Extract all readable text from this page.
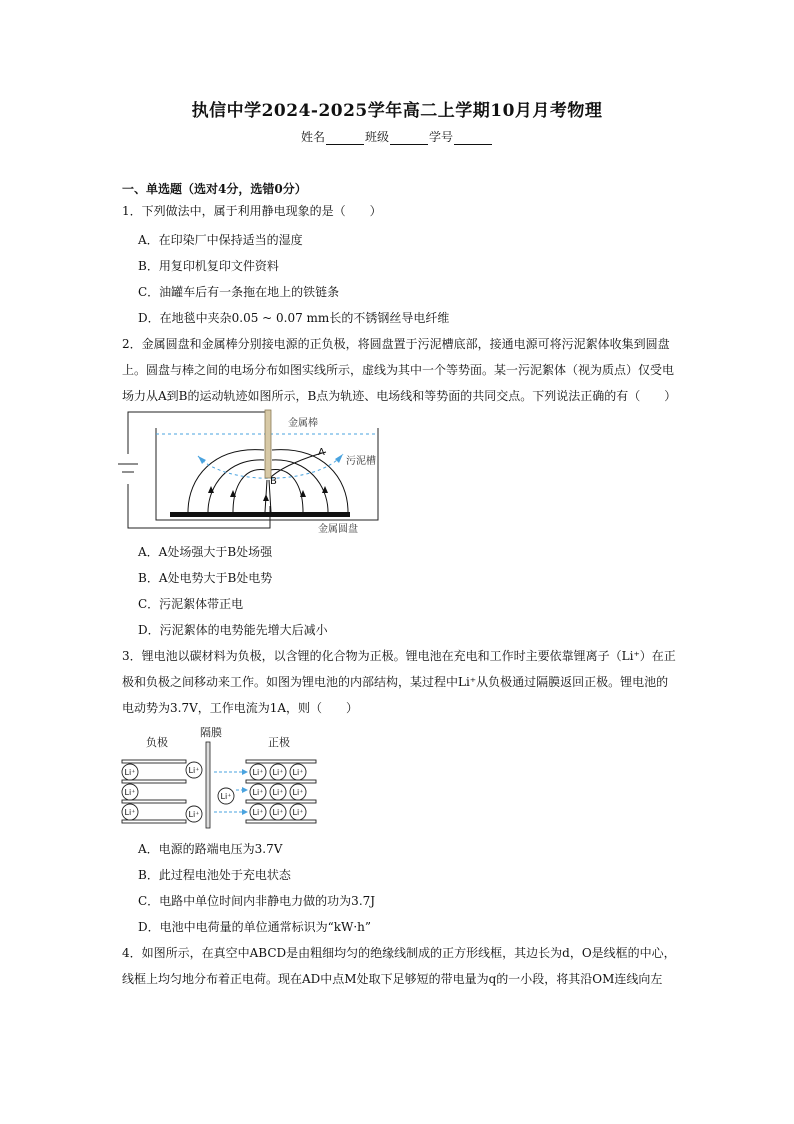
执信中学2024-2025学年高二上学期10月月考物理
姓名	班级	学号
一、单选题（选对4分，选错0分）
1．下列做法中，属于利用静电现象的是（　　）
A．在印染厂中保持适当的湿度
B．用复印机复印文件资料
C．油罐车后有一条拖在地上的铁链条
D．在地毯中夹杂0.05 ~ 0.07 mm长的不锈钢丝导电纤维
2．金属圆盘和金属棒分别接电源的正负极，将圆盘置于污泥槽底部，接通电源可将污泥絮体收集到圆盘
上。圆盘与棒之间的电场分布如图实线所示，虚线为其中一个等势面。某一污泥絮体（视为质点）仅受电
场力从A到B的运动轨迹如图所示，B点为轨迹、电场线和等势面的共同交点。下列说法正确的有（　　）
金属棒
污泥槽
金属圆盘
A
B
A．A处场强大于B处场强
B．A处电势大于B处电势
C．污泥絮体带正电
D．污泥絮体的电势能先增大后减小
3．锂电池以碳材料为负极，以含锂的化合物为正极。锂电池在充电和工作时主要依靠锂离子（Li⁺）在正
极和负极之间移动来工作。如图为锂电池的内部结构，某过程中Li⁺从负极通过隔膜返回正极。锂电池的
电动势为3.7V，工作电流为1A，则（　　）
负极
隔膜
正极
Li⁺
Li⁺
Li⁺
Li⁺
Li⁺
Li⁺
Li⁺ Li⁺ Li⁺
Li⁺ Li⁺ Li⁺
Li⁺ Li⁺ Li⁺
A．电源的路端电压为3.7V
B．此过程电池处于充电状态
C．电路中单位时间内非静电力做的功为3.7J
D．电池中电荷量的单位通常标识为“kW·h”
4．如图所示，在真空中ABCD是由粗细均匀的绝缘线制成的正方形线框，其边长为d，O是线框的中心，
线框上均匀地分布着正电荷。现在AD中点M处取下足够短的带电量为q的一小段，将其沿OM连线向左
